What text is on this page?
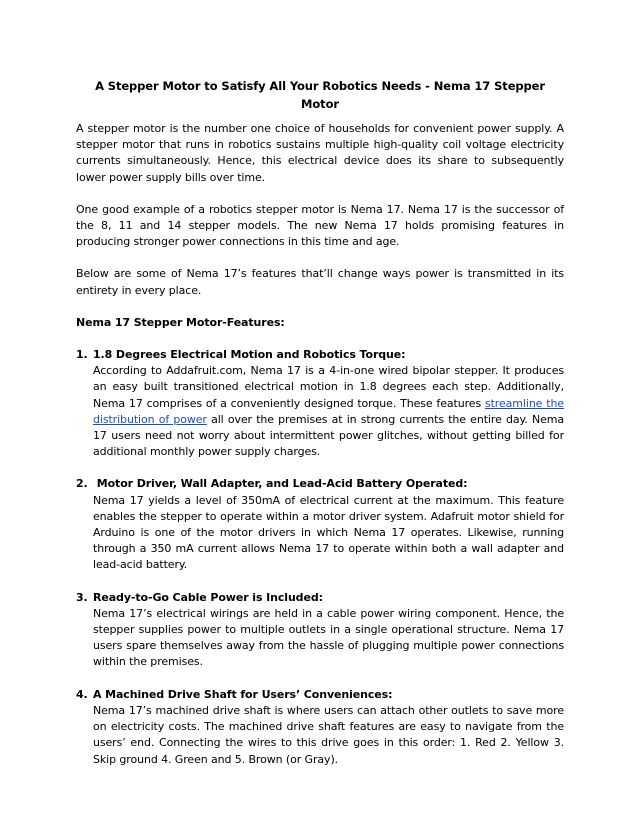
A Stepper Motor to Satisfy All Your Robotics Needs - Nema 17 Stepper Motor

A stepper motor is the number one choice of households for convenient power supply. A stepper motor that runs in robotics sustains multiple high-quality coil voltage electricity currents simultaneously. Hence, this electrical device does its share to subsequently lower power supply bills over time.

One good example of a robotics stepper motor is Nema 17. Nema 17 is the successor of the 8, 11 and 14 stepper models. The new Nema 17 holds promising features in producing stronger power connections in this time and age.

Below are some of Nema 17’s features that’ll change ways power is transmitted in its entirety in every place.

Nema 17 Stepper Motor-Features:
1. 1.8 Degrees Electrical Motion and Robotics Torque:
According to Addafruit.com, Nema 17 is a 4-in-one wired bipolar stepper. It produces an easy built transitioned electrical motion in 1.8 degrees each step. Additionally, Nema 17 comprises of a conveniently designed torque. These features streamline the distribution of power all over the premises at in strong currents the entire day. Nema 17 users need not worry about intermittent power glitches, without getting billed for additional monthly power supply charges.
2. Motor Driver, Wall Adapter, and Lead-Acid Battery Operated:
Nema 17 yields a level of 350mA of electrical current at the maximum. This feature enables the stepper to operate within a motor driver system. Adafruit motor shield for Arduino is one of the motor drivers in which Nema 17 operates. Likewise, running through a 350 mA current allows Nema 17 to operate within both a wall adapter and lead-acid battery.
3. Ready-to-Go Cable Power is Included:
Nema 17’s electrical wirings are held in a cable power wiring component. Hence, the stepper supplies power to multiple outlets in a single operational structure. Nema 17 users spare themselves away from the hassle of plugging multiple power connections within the premises.
4. A Machined Drive Shaft for Users’ Conveniences:
Nema 17’s machined drive shaft is where users can attach other outlets to save more on electricity costs. The machined drive shaft features are easy to navigate from the users’ end. Connecting the wires to this drive goes in this order: 1. Red 2. Yellow 3. Skip ground 4. Green and 5. Brown (or Gray).
